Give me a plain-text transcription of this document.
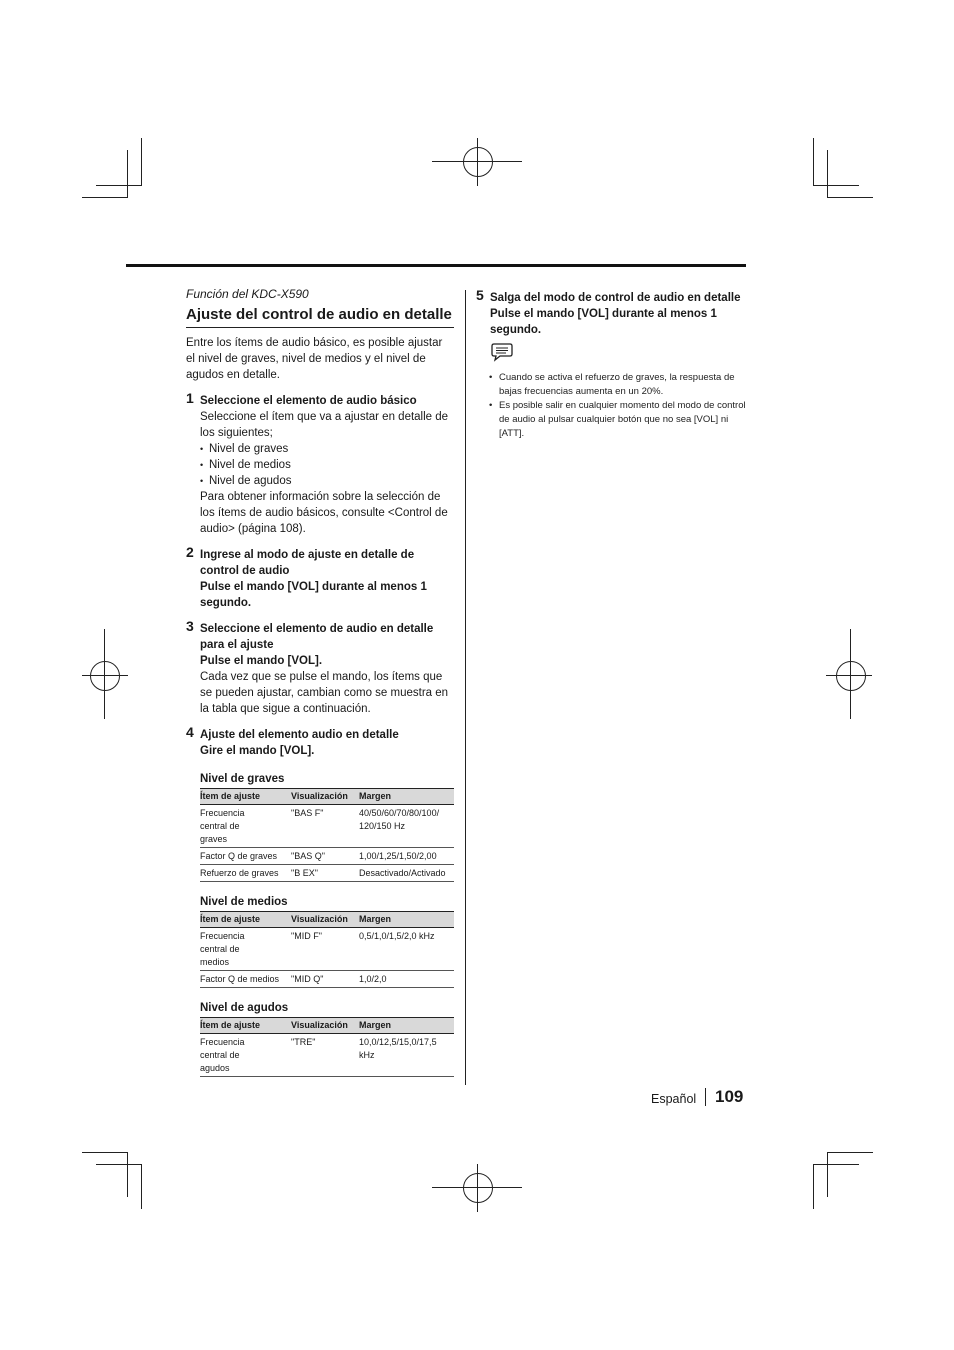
Función del KDC-X590

Ajuste del control de audio en detalle

Entre los ítems de audio básico, es posible ajustar el nivel de graves, nivel de medios y el nivel de agudos en detalle.

1 Seleccione el elemento de audio básico
Seleccione el ítem que va a ajustar en detalle de los siguientes;
• Nivel de graves
• Nivel de medios
• Nivel de agudos
Para obtener información sobre la selección de los ítems de audio básicos, consulte <Control de audio> (página 108).
2 Ingrese al modo de ajuste en detalle de control de audio
Pulse el mando [VOL] durante al menos 1 segundo.
3 Seleccione el elemento de audio en detalle para el ajuste
Pulse el mando [VOL].
Cada vez que se pulse el mando, los ítems que se pueden ajustar, cambian como se muestra en la tabla que sigue a continuación.
4 Ajuste del elemento audio en detalle
Gire el mando [VOL].
Nivel de graves
Ítem de ajuste	Visualización	Margen
Frecuencia central de graves	"BAS F"	40/50/60/70/80/100/ 120/150 Hz
Factor Q de graves	"BAS Q"	1,00/1,25/1,50/2,00
Refuerzo de graves	"B EX"	Desactivado/Activado
Nivel de medios
Ítem de ajuste	Visualización	Margen
Frecuencia central de medios	"MID F"	0,5/1,0/1,5/2,0 kHz
Factor Q de medios	"MID Q"	1,0/2,0
Nivel de agudos
Ítem de ajuste	Visualización	Margen
Frecuencia central de agudos	"TRE"	10,0/12,5/15,0/17,5 kHz
5 Salga del modo de control de audio en detalle
Pulse el mando [VOL] durante al menos 1 segundo.
• Cuando se activa el refuerzo de graves, la respuesta de bajas frecuencias aumenta en un 20%.
• Es posible salir en cualquier momento del modo de control de audio al pulsar cualquier botón que no sea [VOL] ni [ATT].
Español 109
